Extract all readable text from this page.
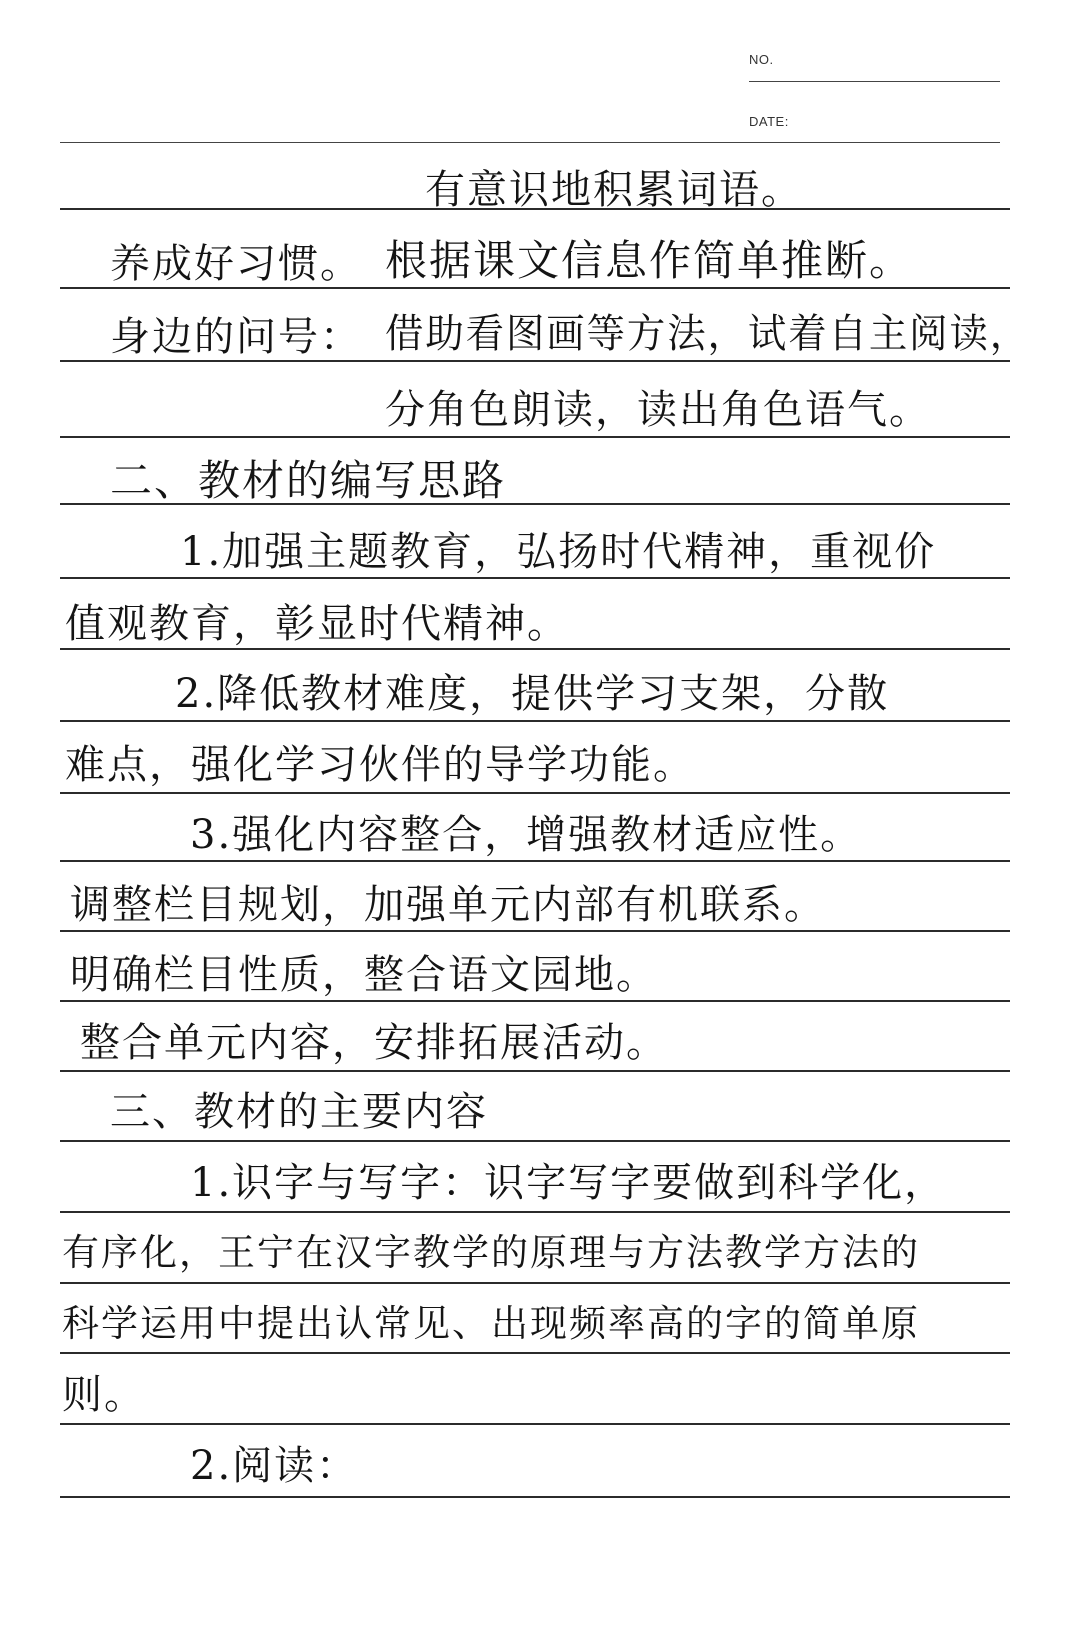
NO.
DATE:
有意识地积累词语。
养成好习惯。 根据课文信息作简单推断。
身边的问号： 借助看图画等方法，试着自主阅读，
分角色朗读，读出角色语气。
二、教材的编写思路
1.加强主题教育，弘扬时代精神，重视价
值观教育，彰显时代精神。
2.降低教材难度，提供学习支架，分散
难点，强化学习伙伴的导学功能。
3.强化内容整合，增强教材适应性。
调整栏目规划，加强单元内部有机联系。
明确栏目性质，整合语文园地。
整合单元内容，安排拓展活动。
三、教材的主要内容
1.识字与写字：识字写字要做到科学化，
有序化，王宁在汉字教学的原理与方法教学方法的
科学运用中提出认常见、出现频率高的字的简单原
则。
2.阅读：
